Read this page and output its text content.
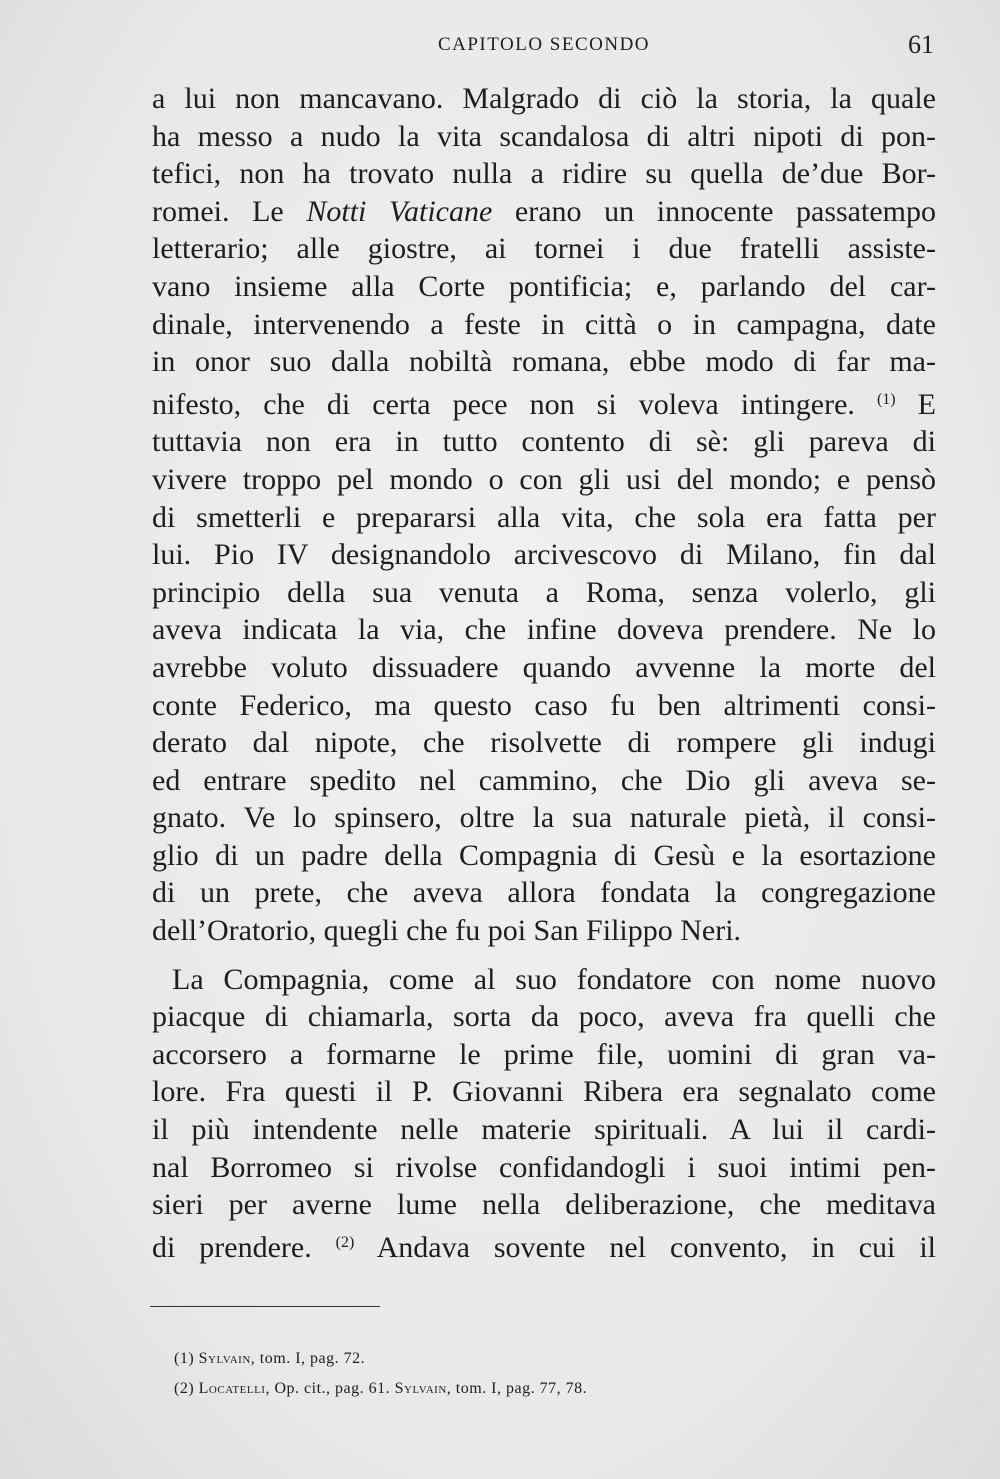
CAPITOLO SECONDO	61
a lui non mancavano. Malgrado di ciò la storia, la quale
ha messo a nudo la vita scandalosa di altri nipoti di pon-
tefici, non ha trovato nulla a ridire su quella de’due Bor-
romei. Le Notti Vaticane erano un innocente passatempo
letterario; alle giostre, ai tornei i due fratelli assiste-
vano insieme alla Corte pontificia; e, parlando del car-
dinale, intervenendo a feste in città o in campagna, date
in onor suo dalla nobiltà romana, ebbe modo di far ma-
nifesto, che di certa pece non si voleva intingere. $^{(1)}$ E
tuttavia non era in tutto contento di sè: gli pareva di
vivere troppo pel mondo o con gli usi del mondo; e pensò
di smetterli e prepararsi alla vita, che sola era fatta per
lui. Pio IV designandolo arcivescovo di Milano, fin dal
principio della sua venuta a Roma, senza volerlo, gli
aveva indicata la via, che infine doveva prendere. Ne lo
avrebbe voluto dissuadere quando avvenne la morte del
conte Federico, ma questo caso fu ben altrimenti consi-
derato dal nipote, che risolvette di rompere gli indugi
ed entrare spedito nel cammino, che Dio gli aveva se-
gnato. Ve lo spinsero, oltre la sua naturale pietà, il consi-
glio di un padre della Compagnia di Gesù e la esortazione
di un prete, che aveva allora fondata la congregazione
dell’Oratorio, quegli che fu poi San Filippo Neri.
La Compagnia, come al suo fondatore con nome nuovo
piacque di chiamarla, sorta da poco, aveva fra quelli che
accorsero a formarne le prime file, uomini di gran va-
lore. Fra questi il P. Giovanni Ribera era segnalato come
il più intendente nelle materie spirituali. A lui il cardi-
nal Borromeo si rivolse confidandogli i suoi intimi pen-
sieri per averne lume nella deliberazione, che meditava
di prendere. $^{(2)}$ Andava sovente nel convento, in cui il
(1) Sylvain, tom. I, pag. 72.
(2) Locatelli, Op. cit., pag. 61. Sylvain, tom. I, pag. 77, 78.
